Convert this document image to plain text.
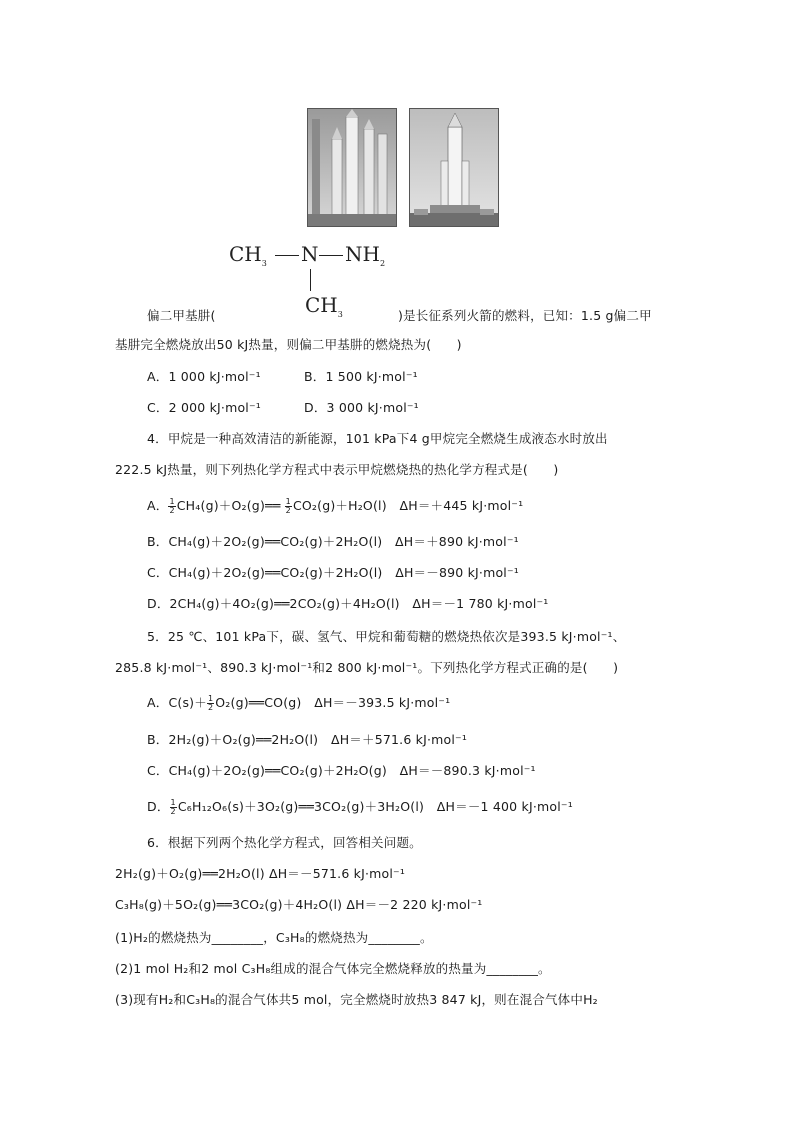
$CH_3$ N $NH_2$
$CH_3$
偏二甲基肼(	)是长征系列火箭的燃料，已知：1.5 g偏二甲
基肼完全燃烧放出50 kJ热量，则偏二甲基肼的燃烧热为(　　)
A．1 000 kJ·mol⁻¹	B．1 500 kJ·mol⁻¹
C．2 000 kJ·mol⁻¹	D．3 000 kJ·mol⁻¹
4．甲烷是一种高效清洁的新能源，101 kPa下4 g甲烷完全燃烧生成液态水时放出
222.5 kJ热量，则下列热化学方程式中表示甲烷燃烧热的热化学方程式是(　　)
A． $\frac{1}{2}$ CH₄(g)＋O₂(g)══ $\frac{1}{2} CO_2(g)+H_2O(l)$　ΔH＝＋445 kJ·mol⁻¹
B．CH₄(g)＋2O₂(g)══CO₂(g)＋2H₂O(l)　ΔH＝＋890 kJ·mol⁻¹
C．CH₄(g)＋2O₂(g)══CO₂(g)＋2H₂O(l)　ΔH＝－890 kJ·mol⁻¹
D．2CH₄(g)＋4O₂(g)══2CO₂(g)＋4H₂O(l)　ΔH＝－1 780 kJ·mol⁻¹
5．25 ℃、101 kPa下，碳、氢气、甲烷和葡萄糖的燃烧热依次是393.5 kJ·mol⁻¹、
285.8 kJ·mol⁻¹、890.3 kJ·mol⁻¹和2 800 kJ·mol⁻¹。下列热化学方程式正确的是(　　)
A．$C(s)+ \frac{1}{2}$ O₂(g)══CO(g)　ΔH＝－393.5 kJ·mol⁻¹
B．2H₂(g)＋O₂(g)══2H₂O(l)　ΔH＝＋571.6 kJ·mol⁻¹
C．CH₄(g)＋2O₂(g)══CO₂(g)＋2H₂O(g)　ΔH＝－890.3 kJ·mol⁻¹
D． $\frac{1}{2}$ C₆H₁₂O₆(s)＋3O₂(g)══3CO₂(g)＋3H₂O(l)　ΔH＝－1 400 kJ·mol⁻¹
6．根据下列两个热化学方程式，回答相关问题。
2H₂(g)＋O₂(g)══2H₂O(l) ΔH＝－571.6 kJ·mol⁻¹
C₃H₈(g)＋5O₂(g)══3CO₂(g)＋4H₂O(l) ΔH＝－2 220 kJ·mol⁻¹
(1)H₂的燃烧热为________，C₃H₈的燃烧热为________。
(2)1 mol H₂和2 mol C₃H₈组成的混合气体完全燃烧释放的热量为________。
(3)现有H₂和C₃H₈的混合气体共5 mol，完全燃烧时放热3 847 kJ，则在混合气体中H₂
